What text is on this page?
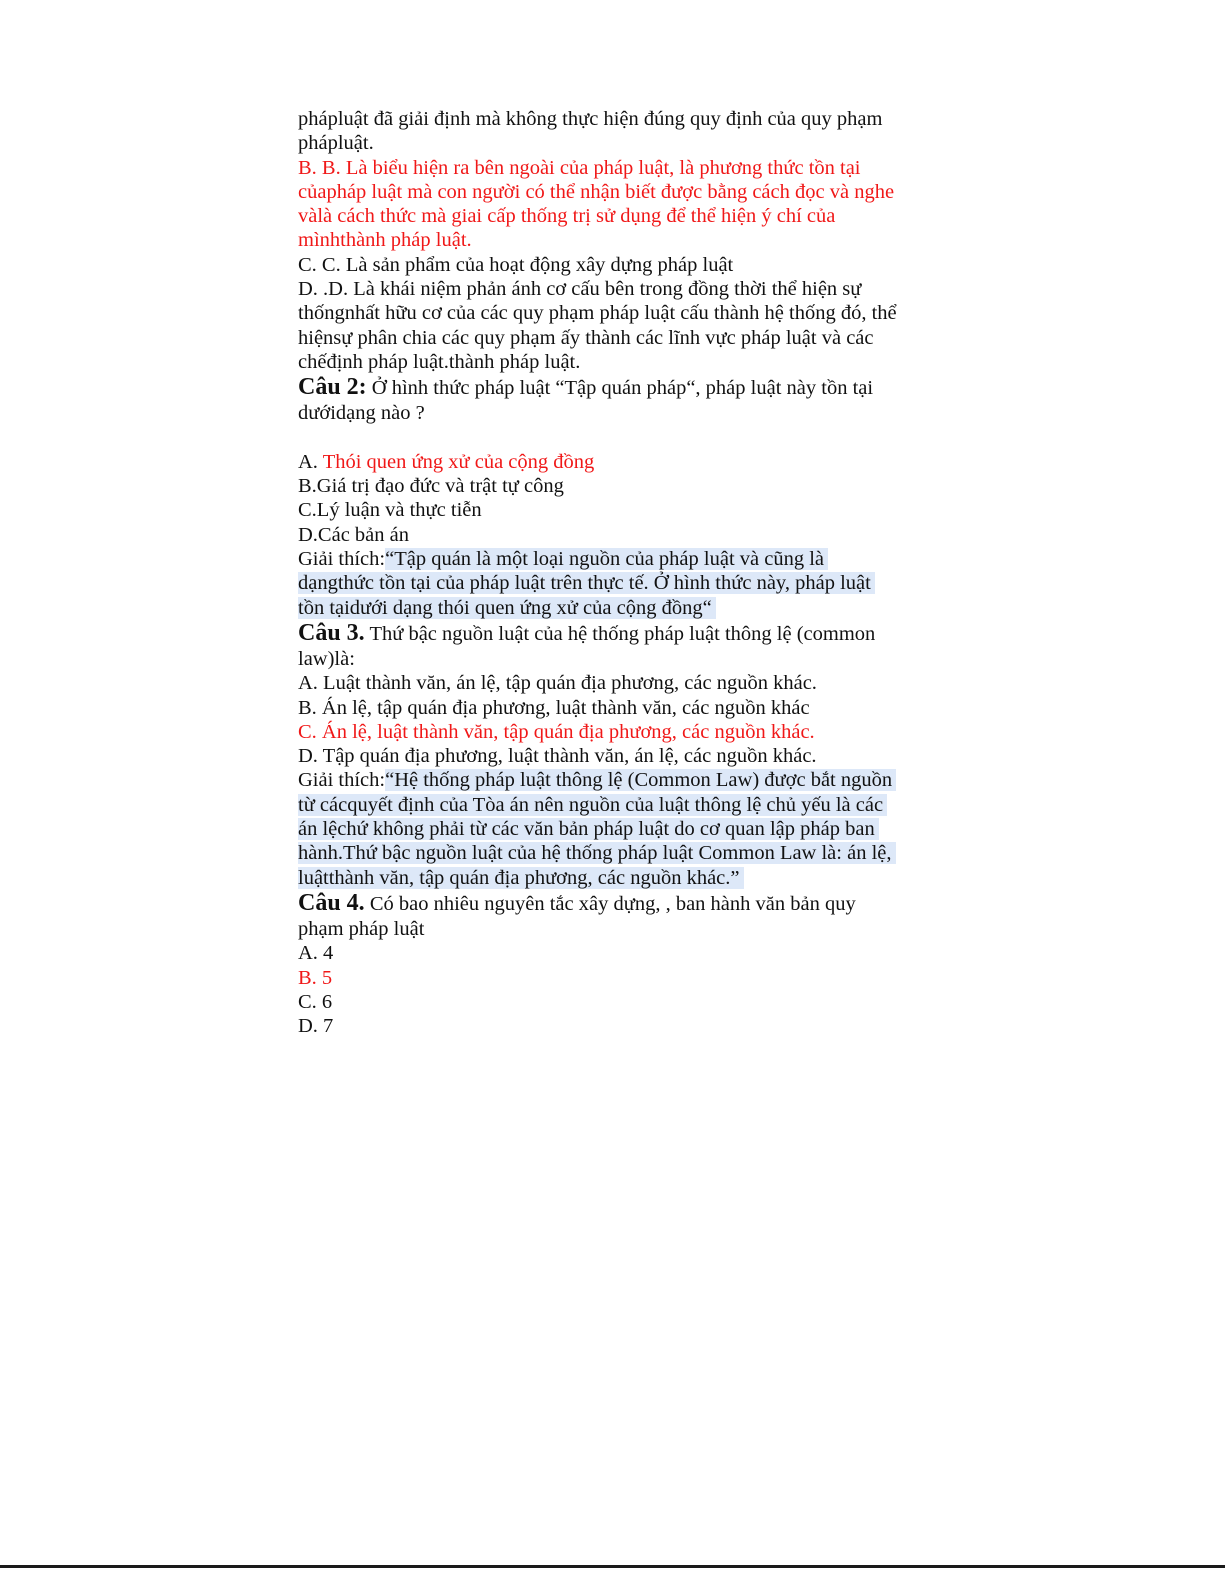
phápluật đã giải định mà không thực hiện đúng quy định của quy phạm
phápluật.
B. B. Là biểu hiện ra bên ngoài của pháp luật, là phương thức tồn tại
củapháp luật mà con người có thể nhận biết được bằng cách đọc và nghe
vàlà cách thức mà giai cấp thống trị sử dụng để thể hiện ý chí của
mìnhthành pháp luật.
C. C. Là sản phẩm của hoạt động xây dựng pháp luật
D. .D. Là khái niệm phản ánh cơ cấu bên trong đồng thời thể hiện sự
thốngnhất hữu cơ của các quy phạm pháp luật cấu thành hệ thống đó, thể
hiệnsự phân chia các quy phạm ấy thành các lĩnh vực pháp luật và các
chếđịnh pháp luật.thành pháp luật.
Câu 2: Ở hình thức pháp luật “Tập quán pháp“, pháp luật này tồn tại
dướidạng nào ?
A. Thói quen ứng xử của cộng đồng
B.Giá trị đạo đức và trật tự công
C.Lý luận và thực tiễn
D.Các bản án
Giải thích:“Tập quán là một loại nguồn của pháp luật và cũng là
dạngthức tồn tại của pháp luật trên thực tế. Ở hình thức này, pháp luật
tồn tạidưới dạng thói quen ứng xử của cộng đồng“
Câu 3. Thứ bậc nguồn luật của hệ thống pháp luật thông lệ (common
law)là:
A. Luật thành văn, án lệ, tập quán địa phương, các nguồn khác.
B. Án lệ, tập quán địa phương, luật thành văn, các nguồn khác
C. Án lệ, luật thành văn, tập quán địa phương, các nguồn khác.
D. Tập quán địa phương, luật thành văn, án lệ, các nguồn khác.
Giải thích:“Hệ thống pháp luật thông lệ (Common Law) được bắt nguồn
từ cácquyết định của Tòa án nên nguồn của luật thông lệ chủ yếu là các
án lệchứ không phải từ các văn bản pháp luật do cơ quan lập pháp ban
hành.Thứ bậc nguồn luật của hệ thống pháp luật Common Law là: án lệ,
luậtthành văn, tập quán địa phương, các nguồn khác.”
Câu 4. Có bao nhiêu nguyên tắc xây dựng, , ban hành văn bản quy
phạm pháp luật
A. 4
B. 5
C. 6
D. 7
